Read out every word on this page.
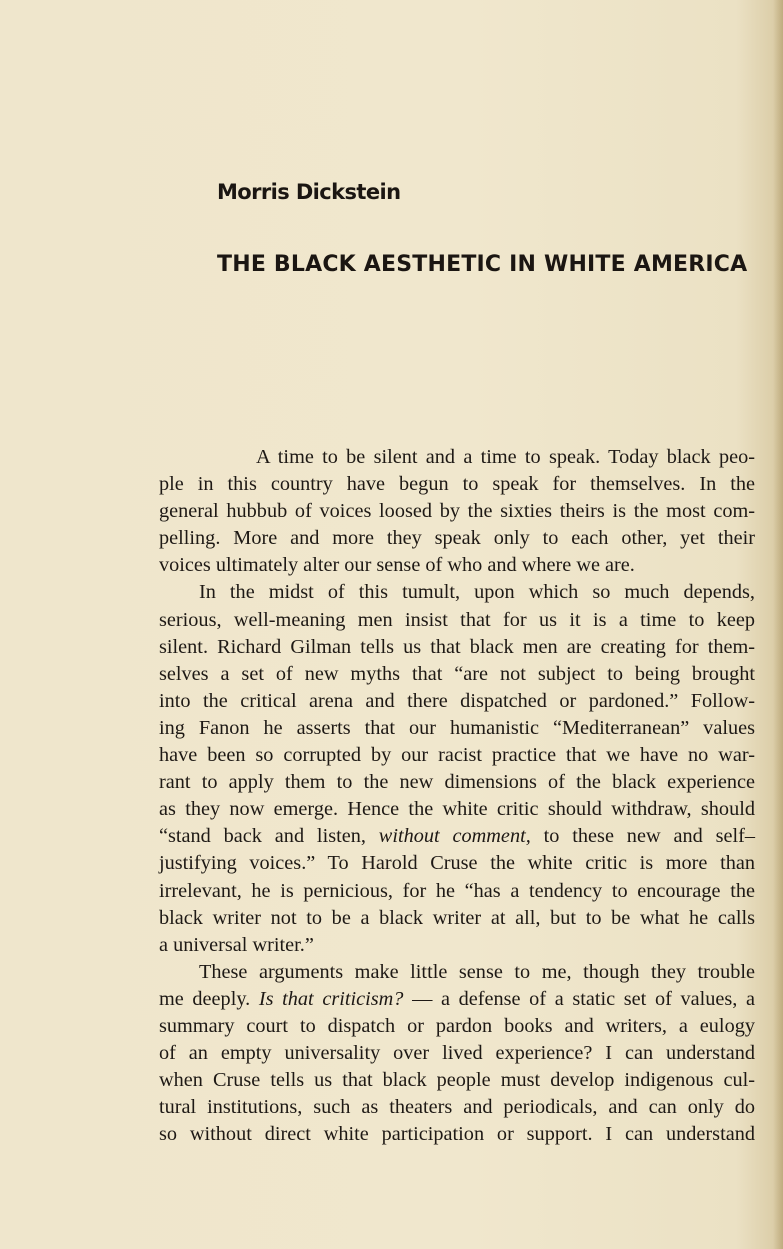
Morris Dickstein
THE BLACK AESTHETIC IN WHITE AMERICA

A time to be silent and a time to speak. Today black peo-
ple in this country have begun to speak for themselves. In the
general hubbub of voices loosed by the sixties theirs is the most com-
pelling. More and more they speak only to each other, yet their
voices ultimately alter our sense of who and where we are.

In the midst of this tumult, upon which so much depends,
serious, well-meaning men insist that for us it is a time to keep
silent. Richard Gilman tells us that black men are creating for them-
selves a set of new myths that “are not subject to being brought
into the critical arena and there dispatched or pardoned.” Follow-
ing Fanon he asserts that our humanistic “Mediterranean” values
have been so corrupted by our racist practice that we have no war-
rant to apply them to the new dimensions of the black experience
as they now emerge. Hence the white critic should withdraw, should
“stand back and listen, without comment, to these new and self–
justifying voices.” To Harold Cruse the white critic is more than
irrelevant, he is pernicious, for he “has a tendency to encourage the
black writer not to be a black writer at all, but to be what he calls
a universal writer.”

These arguments make little sense to me, though they trouble
me deeply. Is that criticism? — a defense of a static set of values, a
summary court to dispatch or pardon books and writers, a eulogy
of an empty universality over lived experience? I can understand
when Cruse tells us that black people must develop indigenous cul-
tural institutions, such as theaters and periodicals, and can only do
so without direct white participation or support. I can understand
